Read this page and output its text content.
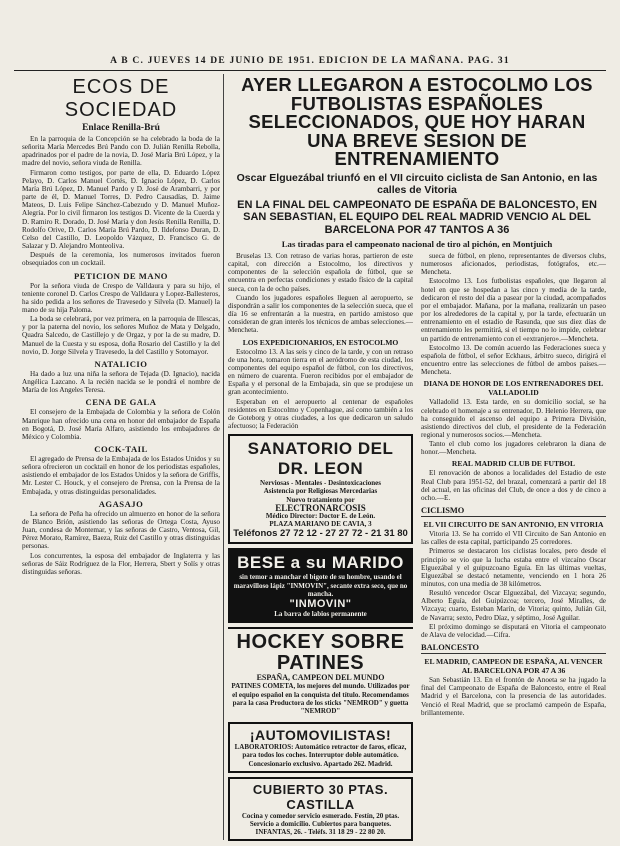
A B C. JUEVES 14 DE JUNIO DE 1951. EDICION DE LA MAÑANA. PAG. 31
ECOS DE SOCIEDAD
Enlace Renilla-Brú

En la parroquia de la Concepción se ha celebrado la boda de la señorita María Mercedes Brú Pando con D. Julián Renilla Rebolla, apadrinados por el padre de la novia, D. José María Brú López, y la madre del novio, señora viuda de Renilla.

Firmaron como testigos, por parte de ella, D. Eduardo López Pelayo, D. Carlos Manuel Cortés, D. Ignacio López, D. Carlos María Brú López, D. Manuel Pardo y D. José de Arambarri, y por parte de él, D. Manuel Torres, D. Pedro Causadías, D. Jaime Mateos, D. Luis Felipe Sánchez-Cabezudo y D. Manuel Muñoz-Alegría. Por lo civil firmaron los testigos D. Vicente de la Cuerda y D. Ramiro R. Dorado, D. José María y don Jesús Renilla Renilla, D. Rodolfo Orive, D. Carlos María Brú Pardo, D. Ildefonso Duran, D. Celso del Castillo, D. Leopoldo Vázquez, D. Francisco G. de Salazar y D. Alejandro Monteoliva.

Después de la ceremonia, los numerosos invitados fueron obsequiados con un cocktail.

PETICION DE MANO

Por la señora viuda de Crespo de Valldaura y para su hijo, el teniente coronel D. Carlos Crespo de Valldaura y Lopez-Ballesteros, ha sido pedida a los señores de Travesedo y Silvela (D. Manuel) la mano de su hija Paloma.

La boda se celebrará, por vez primera, en la parroquia de Illescas, y por la paterna del novio, los señores Muñoz de Mata y Delgado, Quadra Salcedo, de Castillejo y de Orgaz, y por la de su madre, D. Manuel de la Cuesta y su esposa, doña Rosario del Castillo y la del novio, D. Jorge Silvela y Travesedo, la del Castillo y Sotomayor.

NATALICIO

Ha dado a luz una niña la señora de Tejada (D. Ignacio), nacida Angélica Lazcano. A la recién nacida se le pondrá el nombre de María de los Angeles Teresa.

CENA DE GALA

El consejero de la Embajada de Colombia y la señora de Colón Manrique han ofrecido una cena en honor del embajador de España en Bogotá, D. José María Alfaro, asistiendo los embajadores de México y Colombia.

COCK-TAIL

El agregado de Prensa de la Embajada de los Estados Unidos y su señora ofrecieron un cocktail en honor de los periodistas españoles, asistiendo el embajador de los Estados Unidos y la señora de Griffis, Mr. Lester C. Houck, y el consejero de Prensa, con la Prensa de la Embajada, y otras distinguidas personalidades.

AGASAJO

La señora de Peña ha ofrecido un almuerzo en honor de la señora de Blanco Brión, asistiendo las señoras de Ortega Costa, Ayuso Juan, condesa de Montemar, y las señoras de Castro, Ventosa, Gil, Pérez Morato, Ramírez, Baeza, Ruiz del Castillo y otras distinguidas personas.

Los concurrentes, la esposa del embajador de Inglaterra y las señoras de Sáiz Rodríguez de la Flor, Herrera, Sbert y Solís y otras distinguidas señoras.

AYER LLEGARON A ESTOCOLMO LOS FUTBOLISTAS ESPAÑOLES SELECCIONADOS, QUE HOY HARAN UNA BREVE SESION DE ENTRENAMIENTO
Oscar Elguezábal triunfó en el VII circuito ciclista de San Antonio, en las calles de Vitoria
EN LA FINAL DEL CAMPEONATO DE ESPAÑA DE BALONCESTO, EN SAN SEBASTIAN, EL EQUIPO DEL REAL MADRID VENCIO AL DEL BARCELONA POR 47 TANTOS A 36
Las tiradas para el campeonato nacional de tiro al pichón, en Montjuich

Bruselas 13. Con retraso de varias horas, partieron de este capital, con dirección a Estocolmo, los directivos y componentes de la selección española de fútbol, que se encuentra en perfectas condiciones y estado físico de la capital sueca, con la de ocho países.

Cuando los jugadores españoles lleguen al aeropuerto, se dispondrán a salir los componentes de la selección sueca, que el día 16 se enfrentarán a la nuestra, en partido amistoso que consideran de gran interés los técnicos de ambas selecciones.—Mencheta.

LOS EXPEDICIONARIOS, EN ESTOCOLMO

Estocolmo 13. A las seis y cinco de la tarde, y con un retraso de una hora, tomaron tierra en el aeródromo de esta ciudad, los componentes del equipo español de fútbol, con los directivos, en número de cuarenta. Fueron recibidos por el embajador de España y el personal de la Embajada, sin que se produjese un gran acontecimiento.

Esperaban en el aeropuerto al centenar de españoles residentes en Estocolmo y Copenhague, así como también a los de Goteborg y otras ciudades, a los que dedicaron un saludo afectuoso; la Federación

SANATORIO DEL DR. LEON
Nerviosas - Mentales - Desintoxicaciones
Asistencia por Religiosas Mercedarias
Nuevo tratamiento por
ELECTRONARCOSIS
Médico Director: Doctor E. de León.
PLAZA MARIANO DE CAVIA, 3
Teléfonos 27 72 12 - 27 27 72 - 21 31 80
BESE a su MARIDO
sin temor a manchar el bigote de su hombre, usando el maravilloso lápiz "INMOVIN", secante extra seco, que no mancha.
"INMOVIN"
La barra de labios permanente
HOCKEY SOBRE PATINES
ESPAÑA, CAMPEON DEL MUNDO
PATINES COMETA, los mejores del mundo. Utilizados por el equipo español en la conquista del título. Recomendamos para la casa Productora de los sticks "NEMROD" y guetta "NEMROD"
¡AUTOMOVILISTAS!
LABORATORIOS: Automático retractor de faros, eficaz, para todos los coches. Interruptor doble automático. Concesionario exclusivo. Apartado 262. Madrid.
CUBIERTO 30 PTAS. CASTILLA
Cocina y comedor servicio esmerado. Festín, 20 ptas. Servicio a domicilio. Cubiertos para banquetes. INFANTAS, 26. - Teléfs. 31 18 29 - 22 80 20.

sueca de fútbol, en pleno, representantes de diversos clubs, numerosos aficionados, periodistas, fotógrafos, etc.—Mencheta.

Estocolmo 13. Los futbolistas españoles, que llegaron al hotel en que se hospedan a las cinco y media de la tarde, dedicaron el resto del día a pasear por la ciudad, acompañados por el embajador. Mañana, por la mañana, realizarán un paseo por los alrededores de la capital y, por la tarde, efectuarán un entrenamiento en el estadio de Rasunda, que sus diez días de entrenamiento les permitirá, si el tiempo no lo impide, celebrar un partido de entrenamiento con el «extranjero».—Mencheta.

Estocolmo 13. De común acuerdo las Federaciones sueca y española de fútbol, el señor Eckhaus, árbitro sueco, dirigirá el encuentro entre las selecciones de fútbol de ambos países.—Mencheta.

DIANA DE HONOR DE LOS ENTRENADORES DEL VALLADOLID

Valladolid 13. Esta tarde, en su domicilio social, se ha celebrado el homenaje a su entrenador, D. Helenio Herrera, que ha conseguido el ascenso del equipo a Primera División, asistiendo directivos del club, el presidente de la Federación regional y numerosos socios.—Mencheta.

Tanto el club como los jugadores celebraron la diana de honor.—Mencheta.

REAL MADRID CLUB DE FUTBOL

El renovación de abonos a localidades del Estadio de este Real Club para 1951-52, del brazal, comenzará a partir del 18 del actual, en las oficinas del Club, de once a dos y de cinco a ocho.—E.

CICLISMO
EL VII CIRCUITO DE SAN ANTONIO, EN VITORIA

Vitoria 13. Se ha corrido el VII Circuito de San Antonio en las calles de esta capital, participando 25 corredores.

Primeros se destacaron los ciclistas locales, pero desde el principio se vio que la lucha estaba entre el vizcaíno Oscar Elguezábal y el guipuzcoano Eguía. En las últimas vueltas, Elguezábal se destacó netamente, venciendo en 1 hora 26 minutos, con una media de 38 kilómetros.

Resultó vencedor Oscar Elguezábal, del Vizcaya; segundo, Alberto Eguía, del Guipúzcoa; tercero, José Miralles, de Vizcaya; cuarto, Esteban Marín, de Vitoria; quinto, Julián Gil, de Navarra; sexto, Pedro Díaz, y séptimo, José Aguilar.

El próximo domingo se disputará en Vitoria el campeonato de Alava de velocidad.—Cifra.

BALONCESTO
EL MADRID, CAMPEON DE ESPAÑA, AL VENCER AL BARCELONA POR 47 A 36

San Sebastián 13. En el frontón de Anoeta se ha jugado la final del Campeonato de España de Baloncesto, entre el Real Madrid y el Barcelona, con la presencia de las autoridades. Venció el Real Madrid, que se proclamó campeón de España, brillantemente.
